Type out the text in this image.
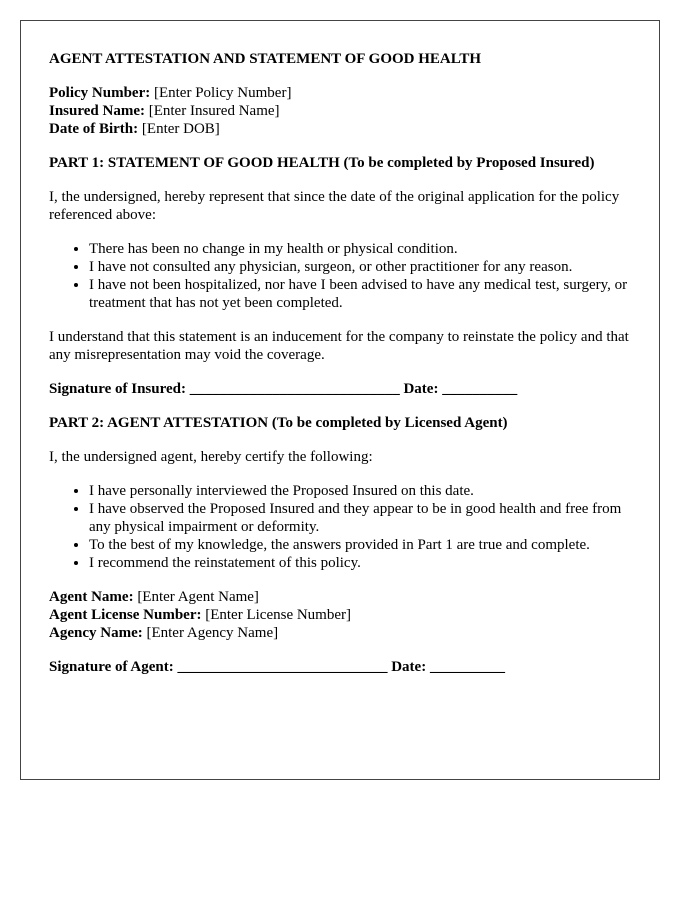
AGENT ATTESTATION AND STATEMENT OF GOOD HEALTH
Policy Number: [Enter Policy Number]
Insured Name: [Enter Insured Name]
Date of Birth: [Enter DOB]
PART 1: STATEMENT OF GOOD HEALTH (To be completed by Proposed Insured)

I, the undersigned, hereby represent that since the date of the original application for the policy referenced above:

• There has been no change in my health or physical condition.
• I have not consulted any physician, surgeon, or other practitioner for any reason.
• I have not been hospitalized, nor have I been advised to have any medical test, surgery, or treatment that has not yet been completed.

I understand that this statement is an inducement for the company to reinstate the policy and that any misrepresentation may void the coverage.

Signature of Insured: ____________________________ Date: __________
PART 2: AGENT ATTESTATION (To be completed by Licensed Agent)

I, the undersigned agent, hereby certify the following:

• I have personally interviewed the Proposed Insured on this date.
• I have observed the Proposed Insured and they appear to be in good health and free from any physical impairment or deformity.
• To the best of my knowledge, the answers provided in Part 1 are true and complete.
• I recommend the reinstatement of this policy.
Agent Name: [Enter Agent Name]
Agent License Number: [Enter License Number]
Agency Name: [Enter Agency Name]
Signature of Agent: ____________________________ Date: __________
